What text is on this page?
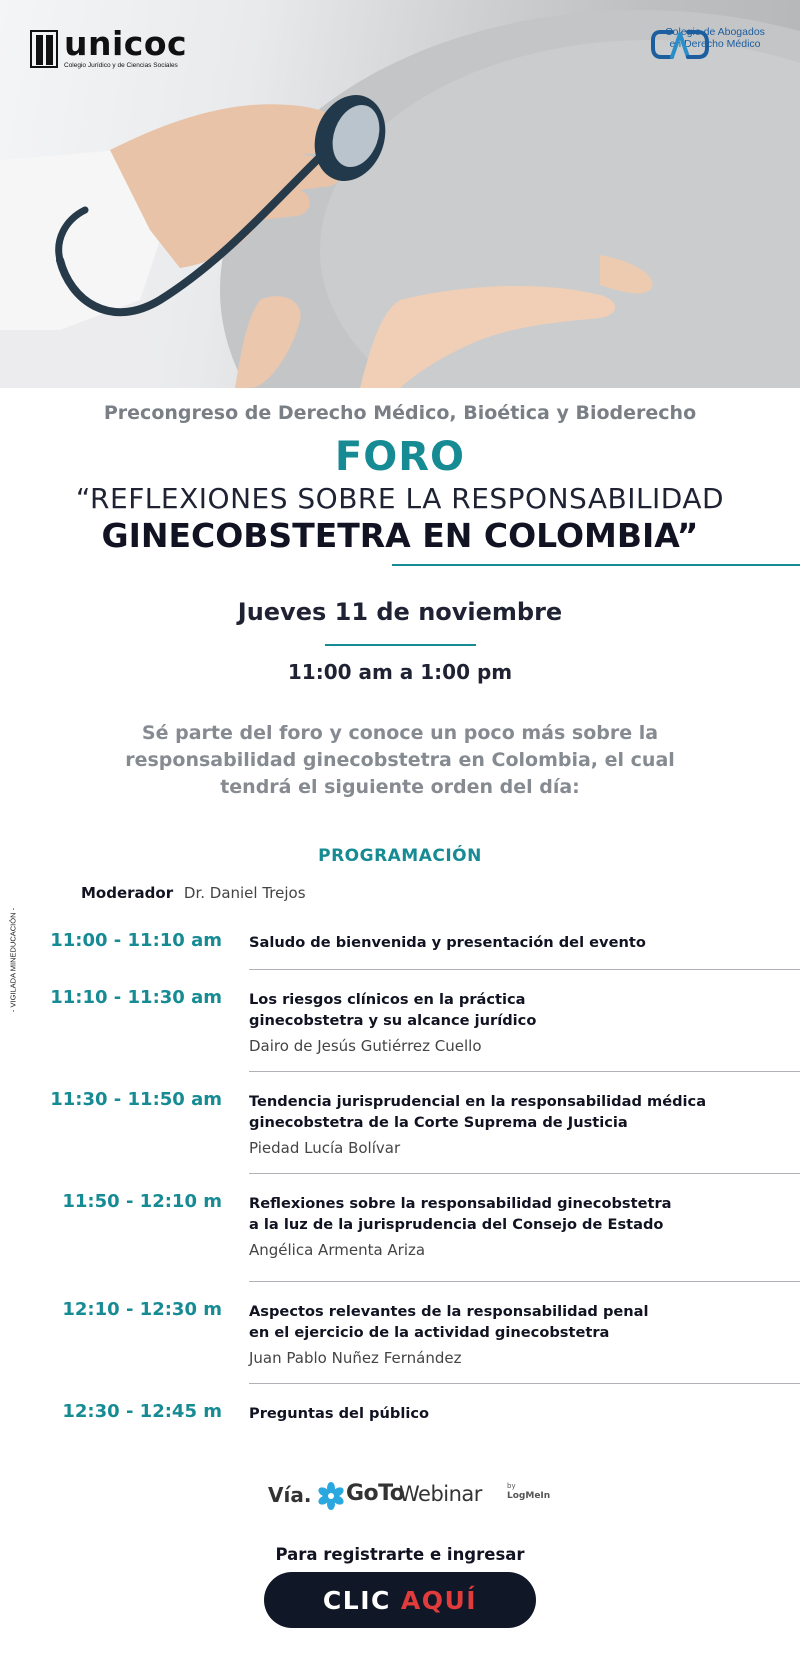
unicoc
Colegio Jurídico y de Ciencias Sociales
Colegio de Abogados
en Derecho Médico
Precongreso de Derecho Médico, Bioética y Bioderecho
FORO
“REFLEXIONES SOBRE LA RESPONSABILIDAD
GINECOBSTETRA EN COLOMBIA”
Jueves 11 de noviembre
11:00 am a 1:00 pm
Sé parte del foro y conoce un poco más sobre la
responsabilidad ginecobstetra en Colombia, el cual
tendrá el siguiente orden del día:
- VIGILADA MINEDUCACIÓN -
PROGRAMACIÓN
Moderador Dr. Daniel Trejos
11:00 - 11:10 am Saludo de bienvenida y presentación del evento
11:10 - 11:30 am Los riesgos clínicos en la práctica
ginecobstetra y su alcance jurídico
Dairo de Jesús Gutiérrez Cuello
11:30 - 11:50 am Tendencia jurisprudencial en la responsabilidad médica
ginecobstetra de la Corte Suprema de Justicia
Piedad Lucía Bolívar
11:50 - 12:10 m Reflexiones sobre la responsabilidad ginecobstetra
a la luz de la jurisprudencia del Consejo de Estado
Angélica Armenta Ariza
12:10 - 12:30 m Aspectos relevantes de la responsabilidad penal
en el ejercicio de la actividad ginecobstetra
Juan Pablo Nuñez Fernández
12:30 - 12:45 m Preguntas del público
Vía. GoTo
Webinar	by
LogMeIn
Para registrarte e ingresar
CLIC AQUÍ
